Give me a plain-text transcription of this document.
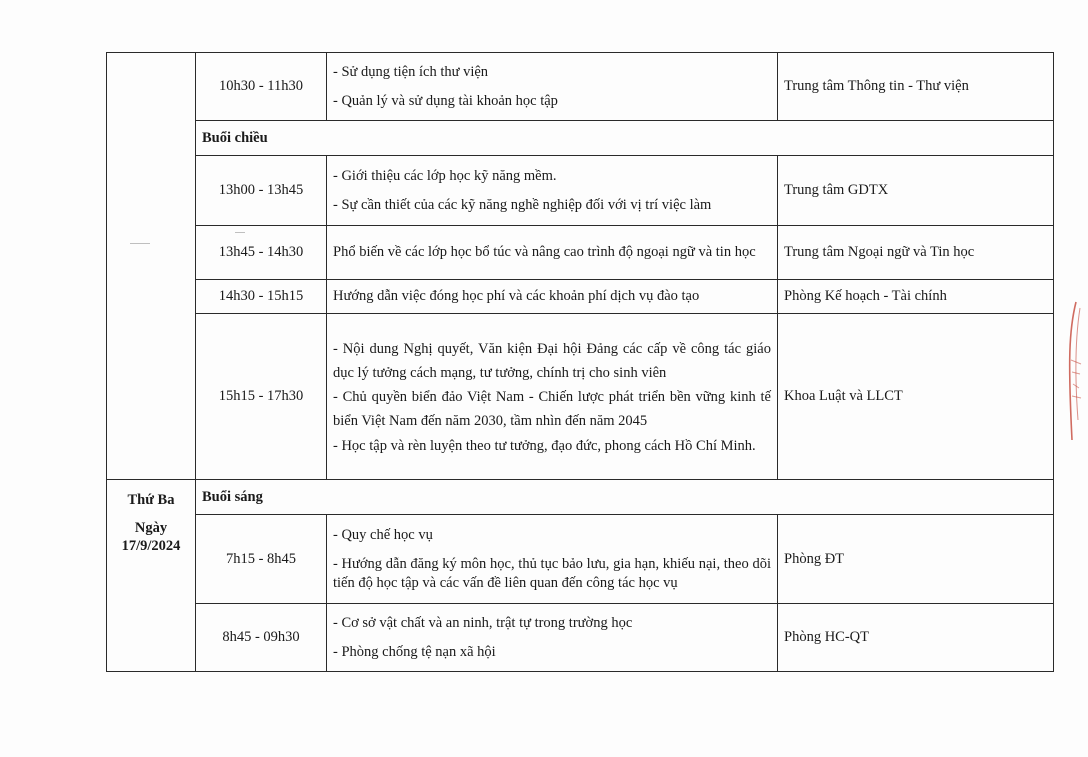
	10h30 - 11h30	- Sử dụng tiện ích thư viện
- Quản lý và sử dụng tài khoản học tập	Trung tâm Thông tin - Thư viện
	Buổi chiều		
	13h00 - 13h45	- Giới thiệu các lớp học kỹ năng mềm.
- Sự cần thiết của các kỹ năng nghề nghiệp đối với vị trí việc làm	Trung tâm GDTX
	13h45 - 14h30	Phổ biến về các lớp học bổ túc và nâng cao trình độ ngoại ngữ và tin học	Trung tâm Ngoại ngữ và Tin học
	14h30 - 15h15	Hướng dẫn việc đóng học phí và các khoản phí dịch vụ đào tạo	Phòng Kế hoạch - Tài chính
	15h15 - 17h30	- Nội dung Nghị quyết, Văn kiện Đại hội Đảng các cấp về công tác giáo dục lý tưởng cách mạng, tư tưởng, chính trị cho sinh viên
- Chủ quyền biển đảo Việt Nam - Chiến lược phát triển bền vững kinh tế biển Việt Nam đến năm 2030, tầm nhìn đến năm 2045
- Học tập và rèn luyện theo tư tưởng, đạo đức, phong cách Hồ Chí Minh.	Khoa Luật và LLCT

Thứ Ba
Ngày
17/9/2024	Buổi sáng		
	7h15 - 8h45	- Quy chế học vụ
- Hướng dẫn đăng ký môn học, thủ tục bảo lưu, gia hạn, khiếu nại, theo dõi tiến độ học tập và các vấn đề liên quan đến công tác học vụ	Phòng ĐT
	8h45 - 09h30	- Cơ sở vật chất và an ninh, trật tự trong trường học
- Phòng chống tệ nạn xã hội	Phòng HC-QT
